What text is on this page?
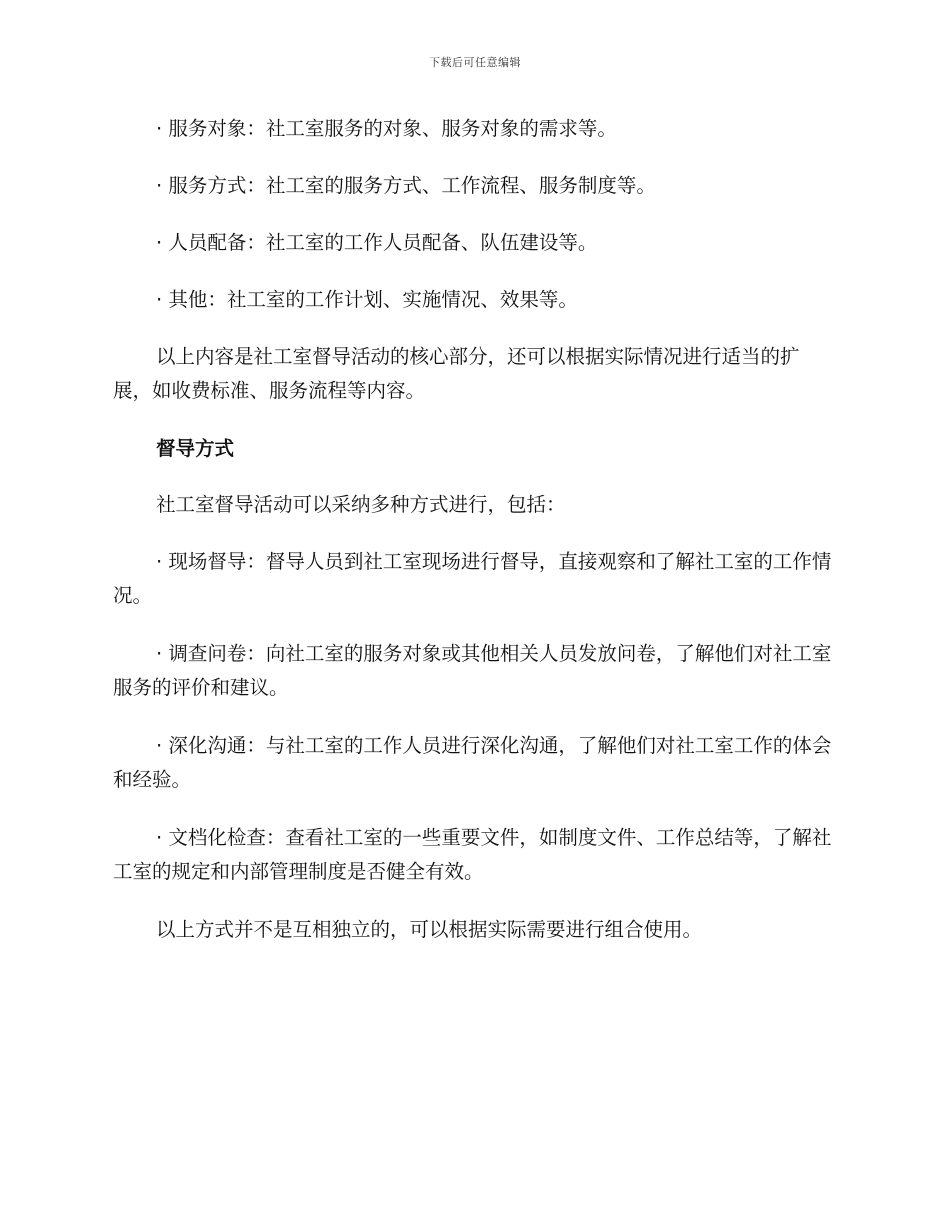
下载后可任意编辑

· 服务对象：社工室服务的对象、服务对象的需求等。

· 服务方式：社工室的服务方式、工作流程、服务制度等。

· 人员配备：社工室的工作人员配备、队伍建设等。

· 其他：社工室的工作计划、实施情况、效果等。

以上内容是社工室督导活动的核心部分，还可以根据实际情况进行适当的扩展，如收费标准、服务流程等内容。

督导方式

社工室督导活动可以采纳多种方式进行，包括：

· 现场督导：督导人员到社工室现场进行督导，直接观察和了解社工室的工作情况。

· 调查问卷：向社工室的服务对象或其他相关人员发放问卷，了解他们对社工室服务的评价和建议。

· 深化沟通：与社工室的工作人员进行深化沟通，了解他们对社工室工作的体会和经验。

· 文档化检查：查看社工室的一些重要文件，如制度文件、工作总结等，了解社工室的规定和内部管理制度是否健全有效。

以上方式并不是互相独立的，可以根据实际需要进行组合使用。
